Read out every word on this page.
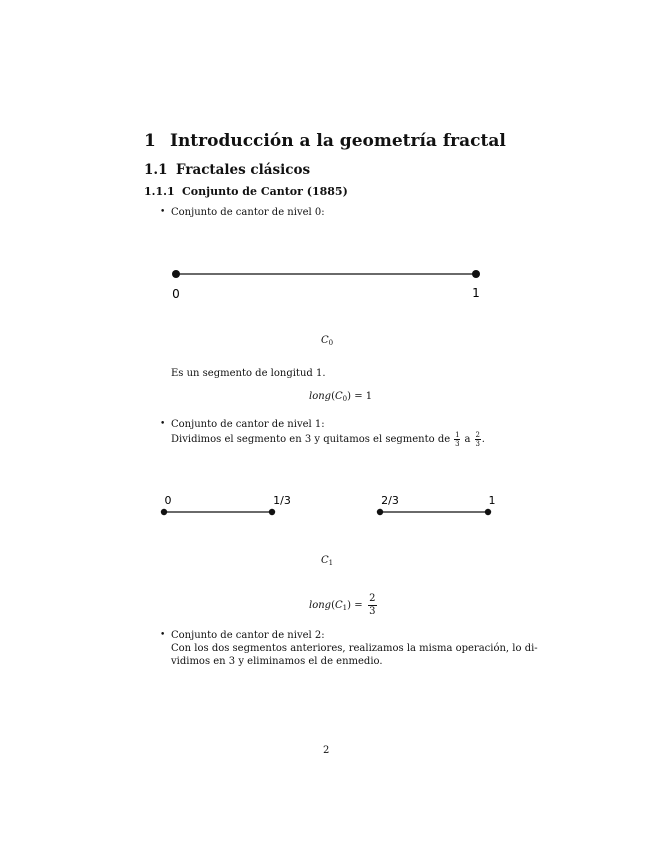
1 Introducción a la geometría fractal
1.1 Fractales clásicos
1.1.1 Conjunto de Cantor (1885)
• Conjunto de cantor de nivel 0:
0	1
$C_0$
Es un segmento de longitud 1.
$long(C_0) = 1$
• Conjunto de cantor de nivel 1:
Dividimos el segmento en 3 y quitamos el segmento de $\frac{1}{3}$ a $\frac{2}{3}$ .
0	1/3	2/3	1
$C_1$
$long(C_1) = \frac{2}{3}$
• Conjunto de cantor de nivel 2:
Con los dos segmentos anteriores, realizamos la misma operación, lo di-
vidimos en 3 y eliminamos el de enmedio.
2
